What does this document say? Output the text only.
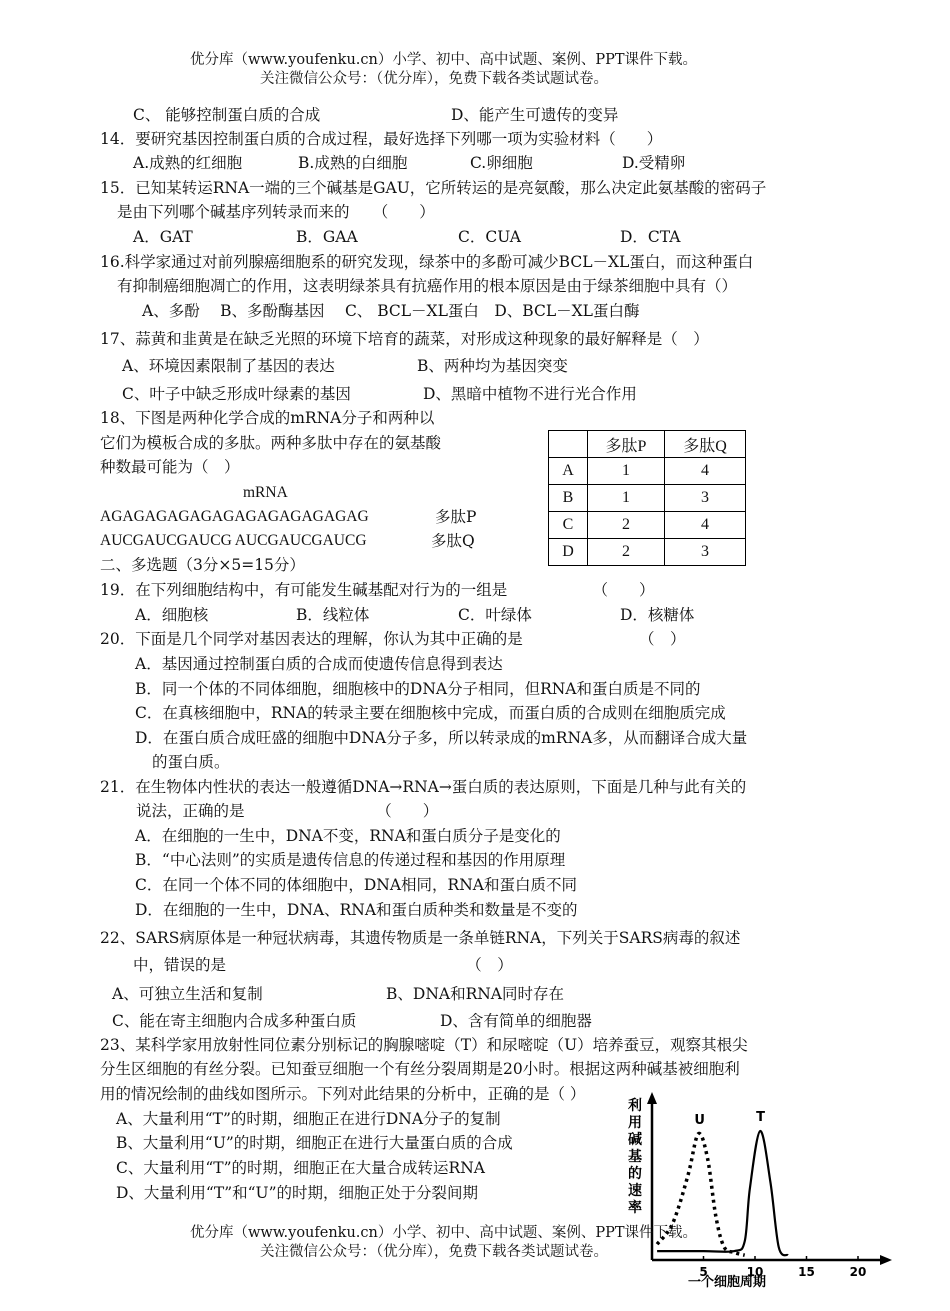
优分库（www.youfenku.cn）小学、初中、高中试题、案例、PPT课件下载。
关注微信公众号：（优分库），免费下载各类试题试卷。
C、 能够控制蛋白质的合成	D、能产生可遗传的变异
14．要研究基因控制蛋白质的合成过程，最好选择下列哪一项为实验材料（　　）
A.成熟的红细胞	B.成熟的白细胞	C.卵细胞	D.受精卵
15．已知某转运RNA一端的三个碱基是GAU，它所转运的是亮氨酸，那么决定此氨基酸的密码子
是由下列哪个碱基序列转录而来的　　（　　）
A．GAT	B．GAA	C．CUA	D．CTA
16.科学家通过对前列腺癌细胞系的研究发现，绿茶中的多酚可减少BCL－XL蛋白，而这种蛋白
有抑制癌细胞凋亡的作用，这表明绿茶具有抗癌作用的根本原因是由于绿茶细胞中具有（）
A、多酚　 B、多酚酶基因　 C、 BCL－XL蛋白　D、BCL－XL蛋白酶
17、蒜黄和韭黄是在缺乏光照的环境下培育的蔬菜，对形成这种现象的最好解释是（　）
A、环境因素限制了基因的表达	B、两种均为基因突变
C、叶子中缺乏形成叶绿素的基因	D、黑暗中植物不进行光合作用
18、下图是两种化学合成的mRNA分子和两种以
它们为模板合成的多肽。两种多肽中存在的氨基酸
种数最可能为（　）
mRNA
AGAGAGAGAGAGAGAGAGAGAGAG	多肽P
AUCGAUCGAUCG AUCGAUCGAUCG	多肽Q
	多肽P	多肽Q
A	1	4
B	1	3
C	2	4
D	2	3
二、多选题（3分×5=15分）
19．在下列细胞结构中，有可能发生碱基配对行为的一组是　　　　　　（　　）
A．细胞核	B．线粒体	C．叶绿体	D．核糖体
20．下面是几个同学对基因表达的理解，你认为其中正确的是　　　　　　　　（　）
A．基因通过控制蛋白质的合成而使遗传信息得到表达
B．同一个体的不同体细胞，细胞核中的DNA分子相同，但RNA和蛋白质是不同的
C．在真核细胞中，RNA的转录主要在细胞核中完成，而蛋白质的合成则在细胞质完成
D．在蛋白质合成旺盛的细胞中DNA分子多，所以转录成的mRNA多，从而翻译合成大量
的蛋白质。
21．在生物体内性状的表达一般遵循DNA→RNA→蛋白质的表达原则，下面是几种与此有关的
说法，正确的是　　　　　　　　　（　　）
A．在细胞的一生中，DNA不变，RNA和蛋白质分子是变化的
B．“中心法则”的实质是遗传信息的传递过程和基因的作用原理
C．在同一个体不同的体细胞中，DNA相同，RNA和蛋白质不同
D．在细胞的一生中，DNA、RNA和蛋白质种类和数量是不变的
22、SARS病原体是一种冠状病毒，其遗传物质是一条单链RNA，下列关于SARS病毒的叙述
中，错误的是　　　　　　　　　　　　　　　　（　）
A、可独立生活和复制	B、DNA和RNA同时存在
C、能在寄主细胞内合成多种蛋白质	D、含有简单的细胞器
23、某科学家用放射性同位素分别标记的胸腺嘧啶（T）和尿嘧啶（U）培养蚕豆，观察其根尖
分生区细胞的有丝分裂。已知蚕豆细胞一个有丝分裂周期是20小时。根据这两种碱基被细胞利
用的情况绘制的曲线如图所示。下列对此结果的分析中，正确的是（ ）
A、大量利用“T”的时期，细胞正在进行DNA分子的复制
B、大量利用“U”的时期，细胞正在进行大量蛋白质的合成
C、大量利用“T”的时期，细胞正在大量合成转运RNA
D、大量利用“T”和“U”的时期，细胞正处于分裂间期
利
用
碱
基
的
速
率
5	10	15	20
U	T
一个细胞周期
优分库（www.youfenku.cn）小学、初中、高中试题、案例、PPT课件下载。
关注微信公众号：（优分库），免费下载各类试题试卷。
